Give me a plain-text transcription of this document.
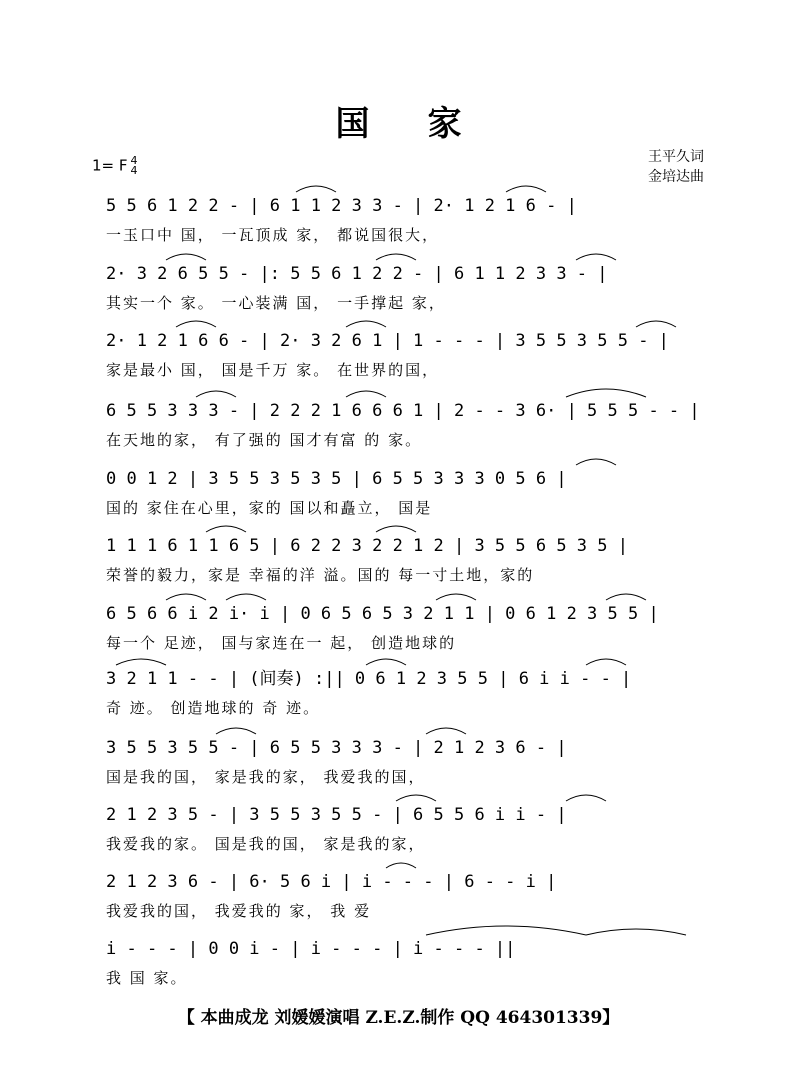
国家
1= F 4
4
王平久词
金培达曲
5 5 6 1 2 2 - | 6 1 1 2 3 3 - | 2· 1 2 1 6 - |
一玉口中 国， 一瓦顶成 家， 都说国很大，
2· 3 2 6 5 5 - |: 5 5 6 1 2 2 - | 6 1 1 2 3 3 - |
其实一个 家。 一心装满 国， 一手撑起 家，
2· 1 2 1 6 6 - | 2· 3 2 6 1 | 1 - - - | 3 5 5 3 5 5 - |
家是最小 国， 国是千万 家。 在世界的国，
6 5 5 3 3 3 - | 2 2 2 1 6 6 6 1 | 2 - - 3 6· | 5 5 5 - - |
在天地的家， 有了强的 国才有富 的 家。
0 0 1 2 | 3 5 5 3 5 3 5 | 6 5 5 3 3 3 0 5 6 |
国的 家住在心里，家的 国以和矗立， 国是
1 1 1 6 1 1 6 5 | 6 2 2 3 2 2 1 2 | 3 5 5 6 5 3 5 |
荣誉的毅力，家是 幸福的洋 溢。国的 每一寸土地，家的
6 5 6 6 i 2 i· i | 0 6 5 6 5 3 2 1 1 | 0 6 1 2 3 5 5 |
每一个 足迹， 国与家连在一 起， 创造地球的
3 2 1 1 - - | (间奏) :|| 0 6 1 2 3 5 5 | 6 i i - - |
奇 迹。 创造地球的 奇 迹。
3 5 5 3 5 5 - | 6 5 5 3 3 3 - | 2 1 2 3 6 - |
国是我的国， 家是我的家， 我爱我的国，
2 1 2 3 5 - | 3 5 5 3 5 5 - | 6 5 5 6 i i - |
我爱我的家。 国是我的国， 家是我的家，
2 1 2 3 6 - | 6· 5 6 i | i - - - | 6 - - i |
我爱我的国， 我爱我的 家， 我 爱
i - - - | 0 0 i - | i - - - | i - - - ||
我 国 家。
【 本曲成龙 刘媛媛演唱 Z.E.Z.制作 QQ 464301339】
